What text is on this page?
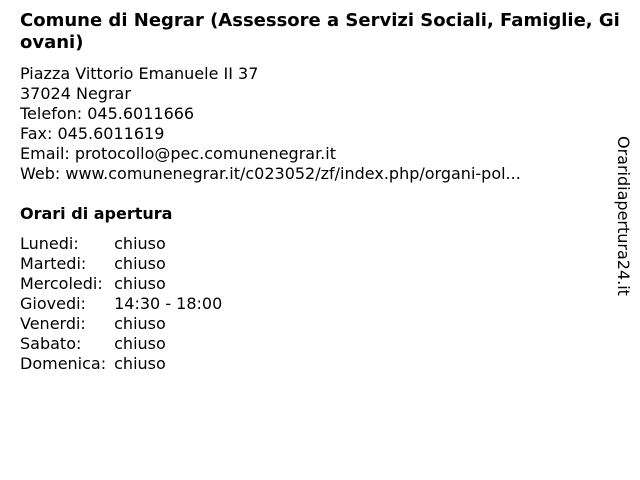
Comune di Negrar (Assessore a Servizi Sociali, Famiglie, Giovani)
Piazza Vittorio Emanuele II 37
37024 Negrar
Telefon: 045.6011666
Fax: 045.6011619
Email: protocollo@pec.comunenegrar.it
Web: www.comunenegrar.it/c023052/zf/index.php/organi-pol...
Orari di apertura
Lunedi:	chiuso
Martedi:	chiuso
Mercoledi:	chiuso
Giovedi:	14:30 - 18:00
Venerdi:	chiuso
Sabato:	chiuso
Domenica:	chiuso
Oraridiapertura24.it
